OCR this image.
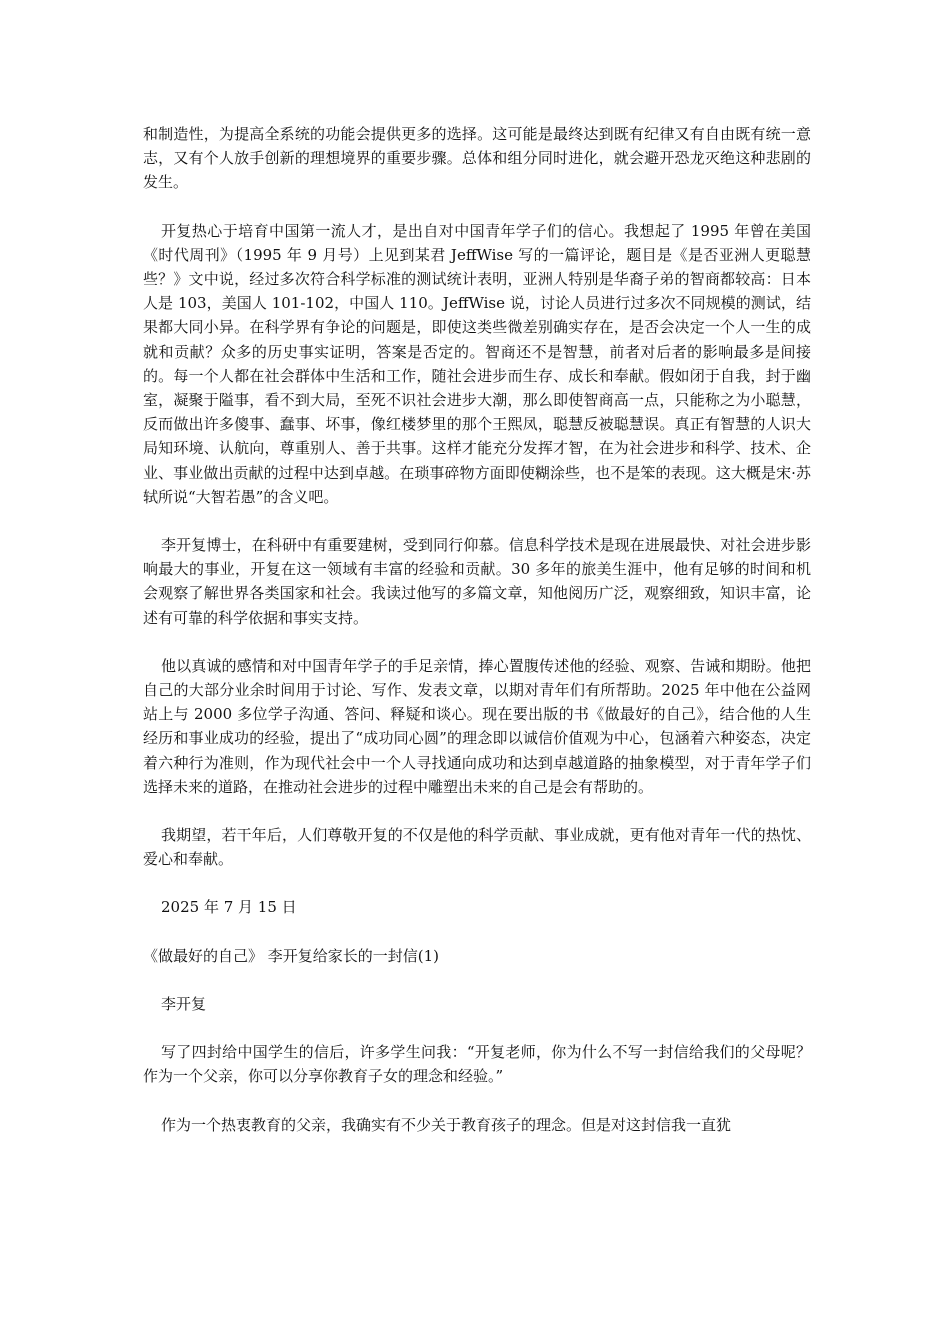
和制造性，为提高全系统的功能会提供更多的选择。这可能是最终达到既有纪律又有自由既有统一意志，又有个人放手创新的理想境界的重要步骤。总体和组分同时进化，就会避开恐龙灭绝这种悲剧的发生。

开复热心于培育中国第一流人才，是出自对中国青年学子们的信心。我想起了 1995 年曾在美国《时代周刊》（1995 年 9 月号）上见到某君 JeffWise 写的一篇评论，题目是《是否亚洲人更聪慧些？》文中说，经过多次符合科学标准的测试统计表明，亚洲人特别是华裔子弟的智商都较高：日本人是 103，美国人 101-102，中国人 110。JeffWise 说，讨论人员进行过多次不同规模的测试，结果都大同小异。在科学界有争论的问题是，即使这类些微差别确实存在，是否会决定一个人一生的成就和贡献？众多的历史事实证明，答案是否定的。智商还不是智慧，前者对后者的影响最多是间接的。每一个人都在社会群体中生活和工作，随社会进步而生存、成长和奉献。假如闭于自我，封于幽室，凝聚于隘事，看不到大局，至死不识社会进步大潮，那么即使智商高一点，只能称之为小聪慧，反而做出许多傻事、蠢事、坏事，像红楼梦里的那个王熙凤，聪慧反被聪慧误。真正有智慧的人识大局知环境、认航向，尊重别人、善于共事。这样才能充分发挥才智，在为社会进步和科学、技术、企业、事业做出贡献的过程中达到卓越。在琐事碎物方面即使糊涂些，也不是笨的表现。这大概是宋·苏轼所说“大智若愚”的含义吧。

李开复博士，在科研中有重要建树，受到同行仰慕。信息科学技术是现在进展最快、对社会进步影响最大的事业，开复在这一领域有丰富的经验和贡献。30 多年的旅美生涯中，他有足够的时间和机会观察了解世界各类国家和社会。我读过他写的多篇文章，知他阅历广泛，观察细致，知识丰富，论述有可靠的科学依据和事实支持。

他以真诚的感情和对中国青年学子的手足亲情，捧心置腹传述他的经验、观察、告诫和期盼。他把自己的大部分业余时间用于讨论、写作、发表文章，以期对青年们有所帮助。2025 年中他在公益网站上与 2000 多位学子沟通、答问、释疑和谈心。现在要出版的书《做最好的自己》，结合他的人生经历和事业成功的经验，提出了“成功同心圆”的理念即以诚信价值观为中心，包涵着六种姿态，决定着六种行为准则，作为现代社会中一个人寻找通向成功和达到卓越道路的抽象模型，对于青年学子们选择未来的道路，在推动社会进步的过程中雕塑出未来的自己是会有帮助的。

我期望，若干年后，人们尊敬开复的不仅是他的科学贡献、事业成就，更有他对青年一代的热忱、爱心和奉献。

2025 年 7 月 15 日

《做最好的自己》 李开复给家长的一封信(1)

李开复

写了四封给中国学生的信后，许多学生问我：“开复老师，你为什么不写一封信给我们的父母呢？作为一个父亲，你可以分享你教育子女的理念和经验。”

作为一个热衷教育的父亲，我确实有不少关于教育孩子的理念。但是对这封信我一直犹
